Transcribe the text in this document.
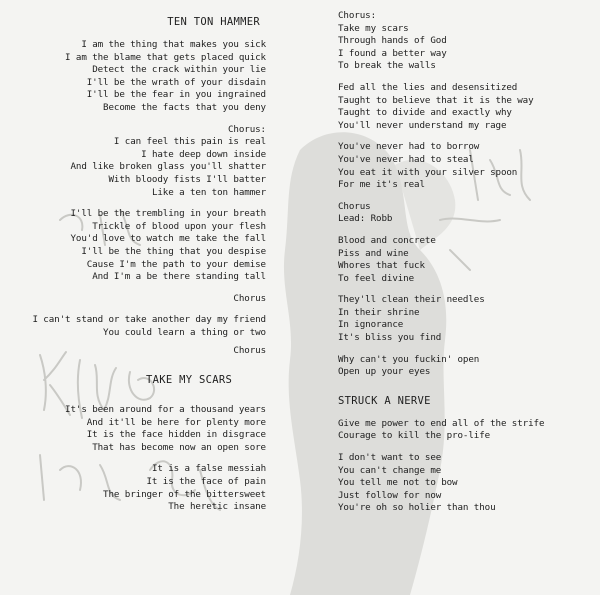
TEN TON HAMMER
I am the thing that makes you sick
I am the blame that gets placed quick
Detect the crack within your lie
I'll be the wrath of your disdain
I'll be the fear in you ingrained
Become the facts that you deny
Chorus:
I can feel this pain is real
I hate deep down inside
And like broken glass you'll shatter
With bloody fists I'll batter
Like a ten ton hammer
I'll be the trembling in your breath
Trickle of blood upon your flesh
You'd love to watch me take the fall
I'll be the thing that you despise
Cause I'm the path to your demise
And I'm a be there standing tall
Chorus
I can't stand or take another day my friend
You could learn a thing or two
Chorus
TAKE MY SCARS
It's been around for a thousand years
And it'll be here for plenty more
It is the face hidden in disgrace
That has become now an open sore
It is a false messiah
It is the face of pain
The bringer of the bittersweet
The heretic insane
Chorus:
Take my scars
Through hands of God
I found a better way
To break the walls
Fed all the lies and desensitized
Taught to believe that it is the way
Taught to divide and exactly why
You'll never understand my rage
You've never had to borrow
You've never had to steal
You eat it with your silver spoon
For me it's real
Chorus
Lead: Robb
Blood and concrete
Piss and wine
Whores that fuck
To feel divine
They'll clean their needles
In their shrine
In ignorance
It's bliss you find
Why can't you fuckin' open
Open up your eyes
STRUCK A NERVE
Give me power to end all of the strife
Courage to kill the pro-life
I don't want to see
You can't change me
You tell me not to bow
Just follow for now
You're oh so holier than thou
